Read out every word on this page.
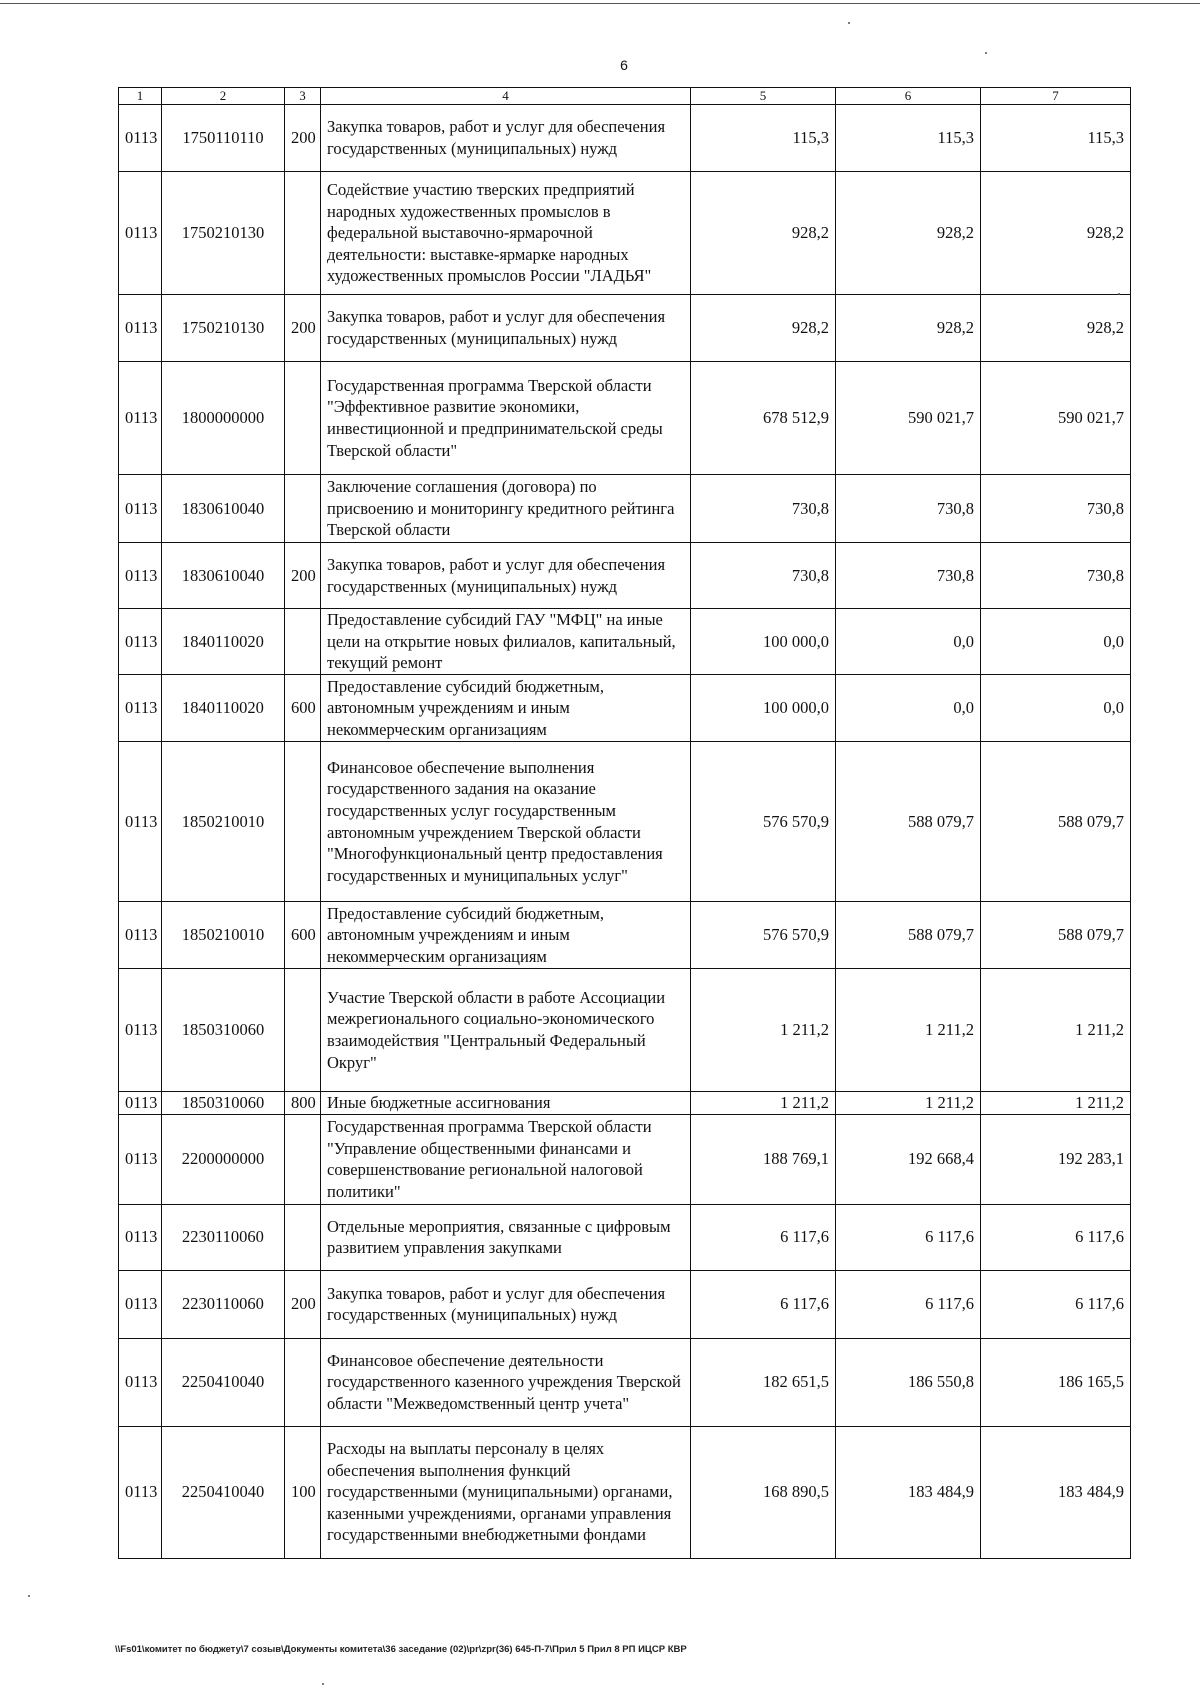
6
1	2	3	4	5	6	7
0113	1750110110	200	Закупка товаров, работ и услуг для обеспечения государственных (муниципальных) нужд	115,3	115,3	115,3
0113	1750210130		Содействие участию тверских предприятий народных художественных промыслов в федеральной выставочно-ярмарочной деятельности: выставке-ярмарке народных художественных промыслов России "ЛАДЬЯ"	928,2	928,2	928,2
0113	1750210130	200	Закупка товаров, работ и услуг для обеспечения государственных (муниципальных) нужд	928,2	928,2	928,2
0113	1800000000		Государственная программа Тверской области "Эффективное развитие экономики, инвестиционной и предпринимательской среды Тверской области"	678 512,9	590 021,7	590 021,7
0113	1830610040		Заключение соглашения (договора) по присвоению и мониторингу кредитного рейтинга Тверской области	730,8	730,8	730,8
0113	1830610040	200	Закупка товаров, работ и услуг для обеспечения государственных (муниципальных) нужд	730,8	730,8	730,8
0113	1840110020		Предоставление субсидий ГАУ "МФЦ" на иные цели на открытие новых филиалов, капитальный, текущий ремонт	100 000,0	0,0	0,0
0113	1840110020	600	Предоставление субсидий бюджетным, автономным учреждениям и иным некоммерческим организациям	100 000,0	0,0	0,0
0113	1850210010		Финансовое обеспечение выполнения государственного задания на оказание государственных услуг государственным автономным учреждением Тверской области "Многофункциональный центр предоставления государственных и муниципальных услуг"	576 570,9	588 079,7	588 079,7
0113	1850210010	600	Предоставление субсидий бюджетным, автономным учреждениям и иным некоммерческим организациям	576 570,9	588 079,7	588 079,7
0113	1850310060		Участие Тверской области в работе Ассоциации межрегионального социально-экономического взаимодействия "Центральный Федеральный Округ"	1 211,2	1 211,2	1 211,2
0113	1850310060	800	Иные бюджетные ассигнования	1 211,2	1 211,2	1 211,2
0113	2200000000		Государственная программа Тверской области "Управление общественными финансами и совершенствование региональной налоговой политики"	188 769,1	192 668,4	192 283,1
0113	2230110060		Отдельные мероприятия, связанные с цифровым развитием управления закупками	6 117,6	6 117,6	6 117,6
0113	2230110060	200	Закупка товаров, работ и услуг для обеспечения государственных (муниципальных) нужд	6 117,6	6 117,6	6 117,6
0113	2250410040		Финансовое обеспечение деятельности государственного казенного учреждения Тверской области "Межведомственный центр учета"	182 651,5	186 550,8	186 165,5
0113	2250410040	100	Расходы на выплаты персоналу в целях обеспечения выполнения функций государственными (муниципальными) органами, казенными учреждениями, органами управления государственными внебюджетными фондами	168 890,5	183 484,9	183 484,9
\\Fs01\комитет по бюджету\7 созыв\Документы комитета\36 заседание (02)\pr\zpr(36) 645-П-7\Прил 5 Прил 8 РП ИЦСР КВР
